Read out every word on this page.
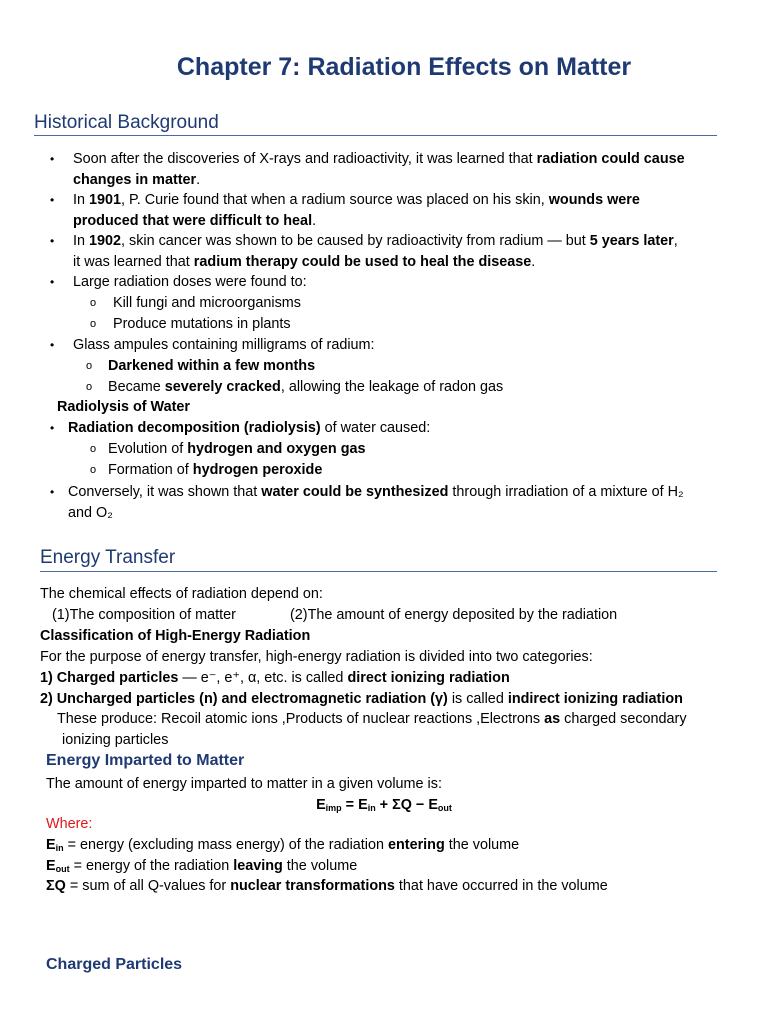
Chapter 7: Radiation Effects on Matter
Historical Background
• Soon after the discoveries of X-rays and radioactivity, it was learned that radiation could cause

changes in matter.

• In 1901, P. Curie found that when a radium source was placed on his skin, wounds were

produced that were difficult to heal.

• In 1902, skin cancer was shown to be caused by radioactivity from radium — but 5 years later,

it was learned that radium therapy could be used to heal the disease.

• Large radiation doses were found to:

o Kill fungi and microorganisms

o Produce mutations in plants

• Glass ampules containing milligrams of radium:

o Darkened within a few months

o Became severely cracked, allowing the leakage of radon gas

Radiolysis of Water

• Radiation decomposition (radiolysis) of water caused:

o Evolution of hydrogen and oxygen gas

o Formation of hydrogen peroxide

• Conversely, it was shown that water could be synthesized through irradiation of a mixture of H₂

and O₂

Energy Transfer

The chemical effects of radiation depend on:

(1)The composition of matter	(2)The amount of energy deposited by the radiation

Classification of High-Energy Radiation

For the purpose of energy transfer, high-energy radiation is divided into two categories:

1) Charged particles — e⁻, e⁺, α, etc. is called direct ionizing radiation

2) Uncharged particles (n) and electromagnetic radiation (γ) is called indirect ionizing radiation

These produce: Recoil atomic ions ,Products of nuclear reactions ,Electrons as charged secondary

ionizing particles

Energy Imparted to Matter

The amount of energy imparted to matter in a given volume is:

$E_{imp} = E_{in} + \Sigma Q - E_{out}$

Where:

$E_{in}$ = energy (excluding mass energy) of the radiation entering the volume

$E_{out}$ = energy of the radiation leaving the volume

ΣQ = sum of all Q-values for nuclear transformations that have occurred in the volume

Charged Particles
